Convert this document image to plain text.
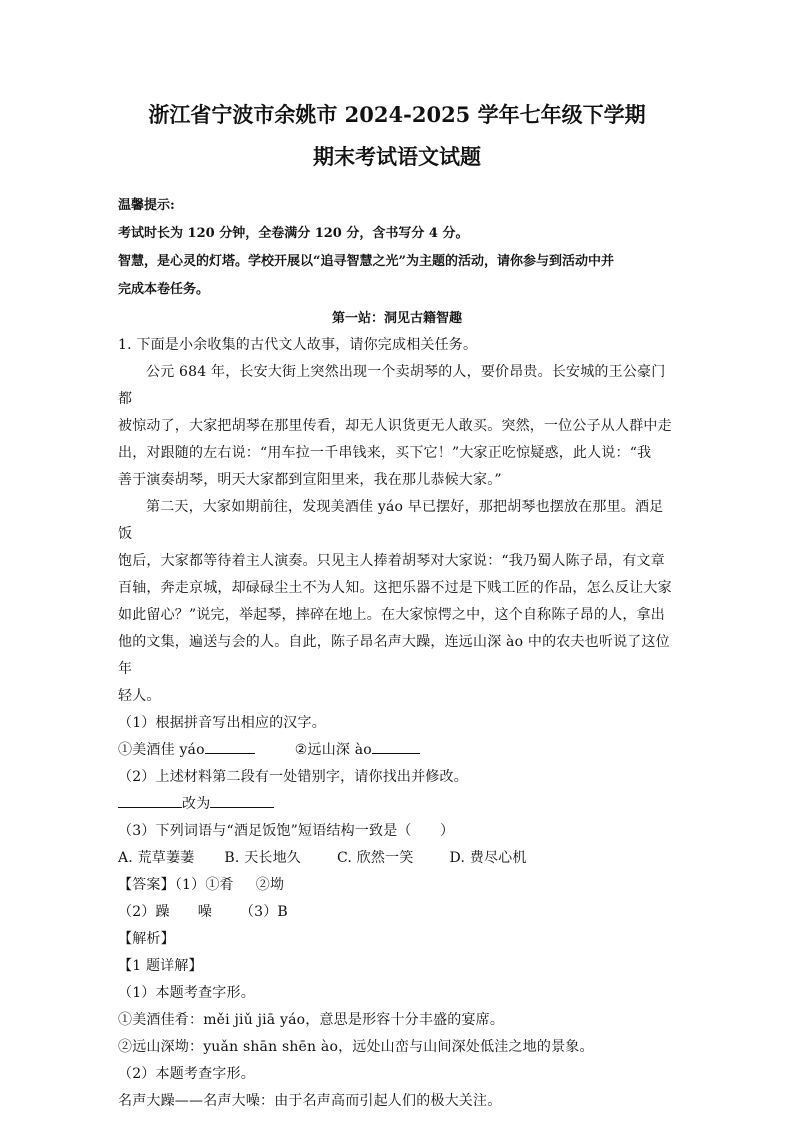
浙江省宁波市余姚市 2024-2025 学年七年级下学期

期末考试语文试题

温馨提示:

考试时长为 120 分钟，全卷满分 120 分，含书写分 4 分。

智慧，是心灵的灯塔。学校开展以“追寻智慧之光”为主题的活动，请你参与到活动中并

完成本卷任务。

第一站：洞见古籍智趣

1. 下面是小余收集的古代文人故事，请你完成相关任务。

公元 684 年，长安大街上突然出现一个卖胡琴的人，要价昂贵。长安城的王公豪门都

被惊动了，大家把胡琴在那里传看，却无人识货更无人敢买。突然，一位公子从人群中走

出，对跟随的左右说：“用车拉一千串钱来，买下它！”大家正吃惊疑惑，此人说：“我

善于演奏胡琴，明天大家都到宣阳里来，我在那儿恭候大家。”

第二天，大家如期前往，发现美酒佳 yáo 早已摆好，那把胡琴也摆放在那里。酒足饭

饱后，大家都等待着主人演奏。只见主人捧着胡琴对大家说：“我乃蜀人陈子昂，有文章

百轴，奔走京城，却碌碌尘土不为人知。这把乐器不过是下贱工匠的作品，怎么反让大家

如此留心？”说完，举起琴，摔碎在地上。在大家惊愕之中，这个自称陈子昂的人，拿出

他的文集，遍送与会的人。自此，陈子昂名声大躁，连远山深 ào 中的农夫也听说了这位年

轻人。

（1）根据拼音写出相应的汉字。

①美酒佳 yáo	②远山深 ào

（2）上述材料第二段有一处错别字，请你找出并修改。

改为

（3）下列词语与“酒足饭饱”短语结构一致是（　　）

A. 荒草萋萋 B. 天长地久	C. 欣然一笑	D. 费尽心机

【答案】（1）①肴 ②坳

（2）躁 噪 （3）B

【解析】

【1 题详解】

（1）本题考查字形。

①美酒佳肴：měi jiǔ jiā yáo，意思是形容十分丰盛的宴席。

②远山深坳：yuǎn shān shēn ào，远处山峦与山间深处低洼之地的景象。

（2）本题考查字形。

名声大躁——名声大噪：由于名声高而引起人们的极大关注。
